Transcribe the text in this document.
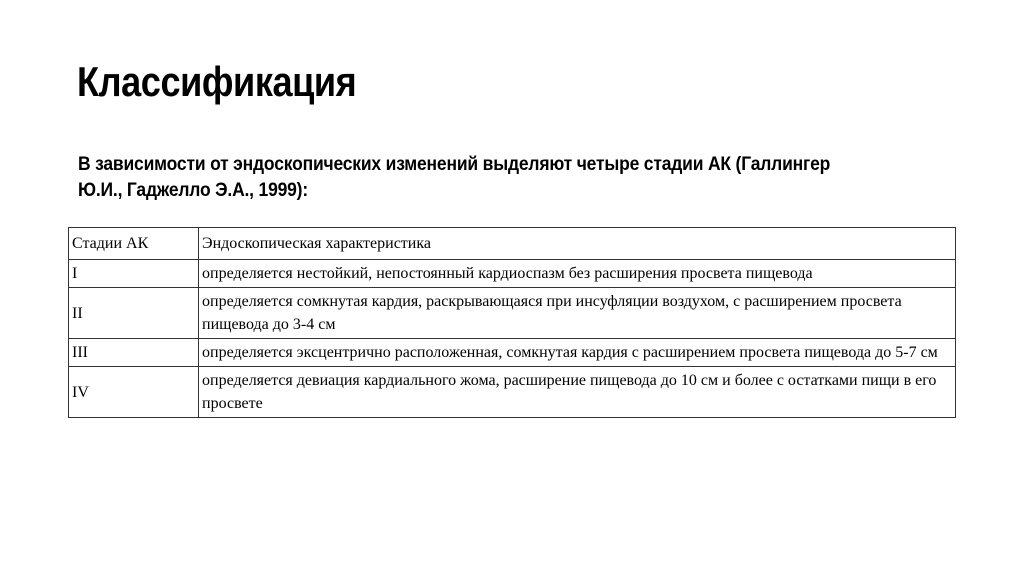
Классификация
В зависимости от эндоскопических изменений выделяют четыре стадии АК (Галлингер
Ю.И., Гаджелло Э.А., 1999):
Стадии АК	Эндоскопическая характеристика
I	определяется нестойкий, непостоянный кардиоспазм без расширения просвета пищевода
II	определяется сомкнутая кардия, раскрывающаяся при инсуфляции воздухом, с расширением просвета пищевода до 3-4 см
III	определяется эксцентрично расположенная, сомкнутая кардия с расширением просвета пищевода до 5-7 см
IV	определяется девиация кардиального жома, расширение пищевода до 10 см и более с остатками пищи в его просвете
